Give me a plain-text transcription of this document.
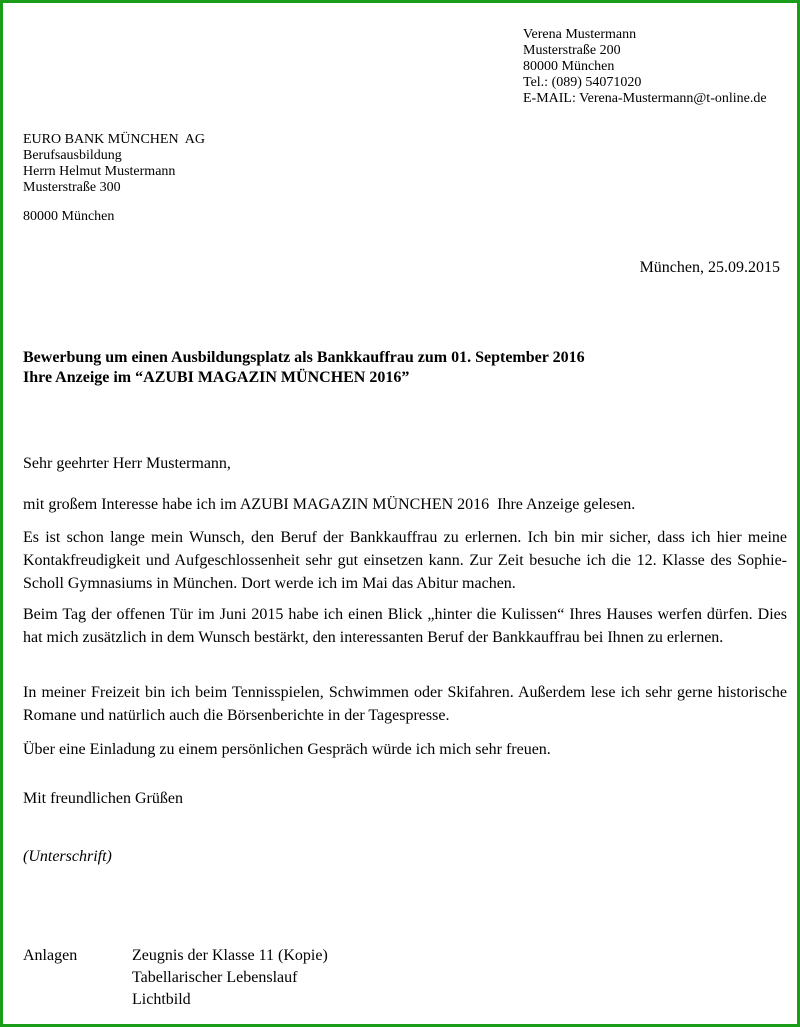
Verena Mustermann
Musterstraße 200
80000 München
Tel.: (089) 54071020
E-MAIL: Verena-Mustermann@t-online.de
EURO BANK MÜNCHEN  AG
Berufsausbildung
Herrn Helmut Mustermann
Musterstraße 300
80000 München
München, 25.09.2015
Bewerbung um einen Ausbildungsplatz als Bankkauffrau zum 01. September 2016
Ihre Anzeige im “AZUBI MAGAZIN MÜNCHEN 2016”
Sehr geehrter Herr Mustermann,
mit großem Interesse habe ich im AZUBI MAGAZIN MÜNCHEN 2016  Ihre Anzeige gelesen.
Es ist schon lange mein Wunsch, den Beruf der Bankkauffrau zu erlernen. Ich bin mir sicher, dass ich hier meine Kontakfreudigkeit und Aufgeschlossenheit sehr gut einsetzen kann. Zur Zeit besuche ich die 12. Klasse des Sophie-Scholl Gymnasiums in München. Dort werde ich im Mai das Abitur machen.
Beim Tag der offenen Tür im Juni 2015 habe ich einen Blick „hinter die Kulissen“ Ihres Hauses werfen dürfen. Dies hat mich zusätzlich in dem Wunsch bestärkt, den interessanten Beruf der Bankkauffrau bei Ihnen zu erlernen.
In meiner Freizeit bin ich beim Tennisspielen, Schwimmen oder Skifahren. Außerdem lese ich sehr gerne historische Romane und natürlich auch die Börsenberichte in der Tagespresse.
Über eine Einladung zu einem persönlichen Gespräch würde ich mich sehr freuen.
Mit freundlichen Grüßen
(Unterschrift)
Anlagen	Zeugnis der Klasse 11 (Kopie)
Tabellarischer Lebenslauf
Lichtbild
